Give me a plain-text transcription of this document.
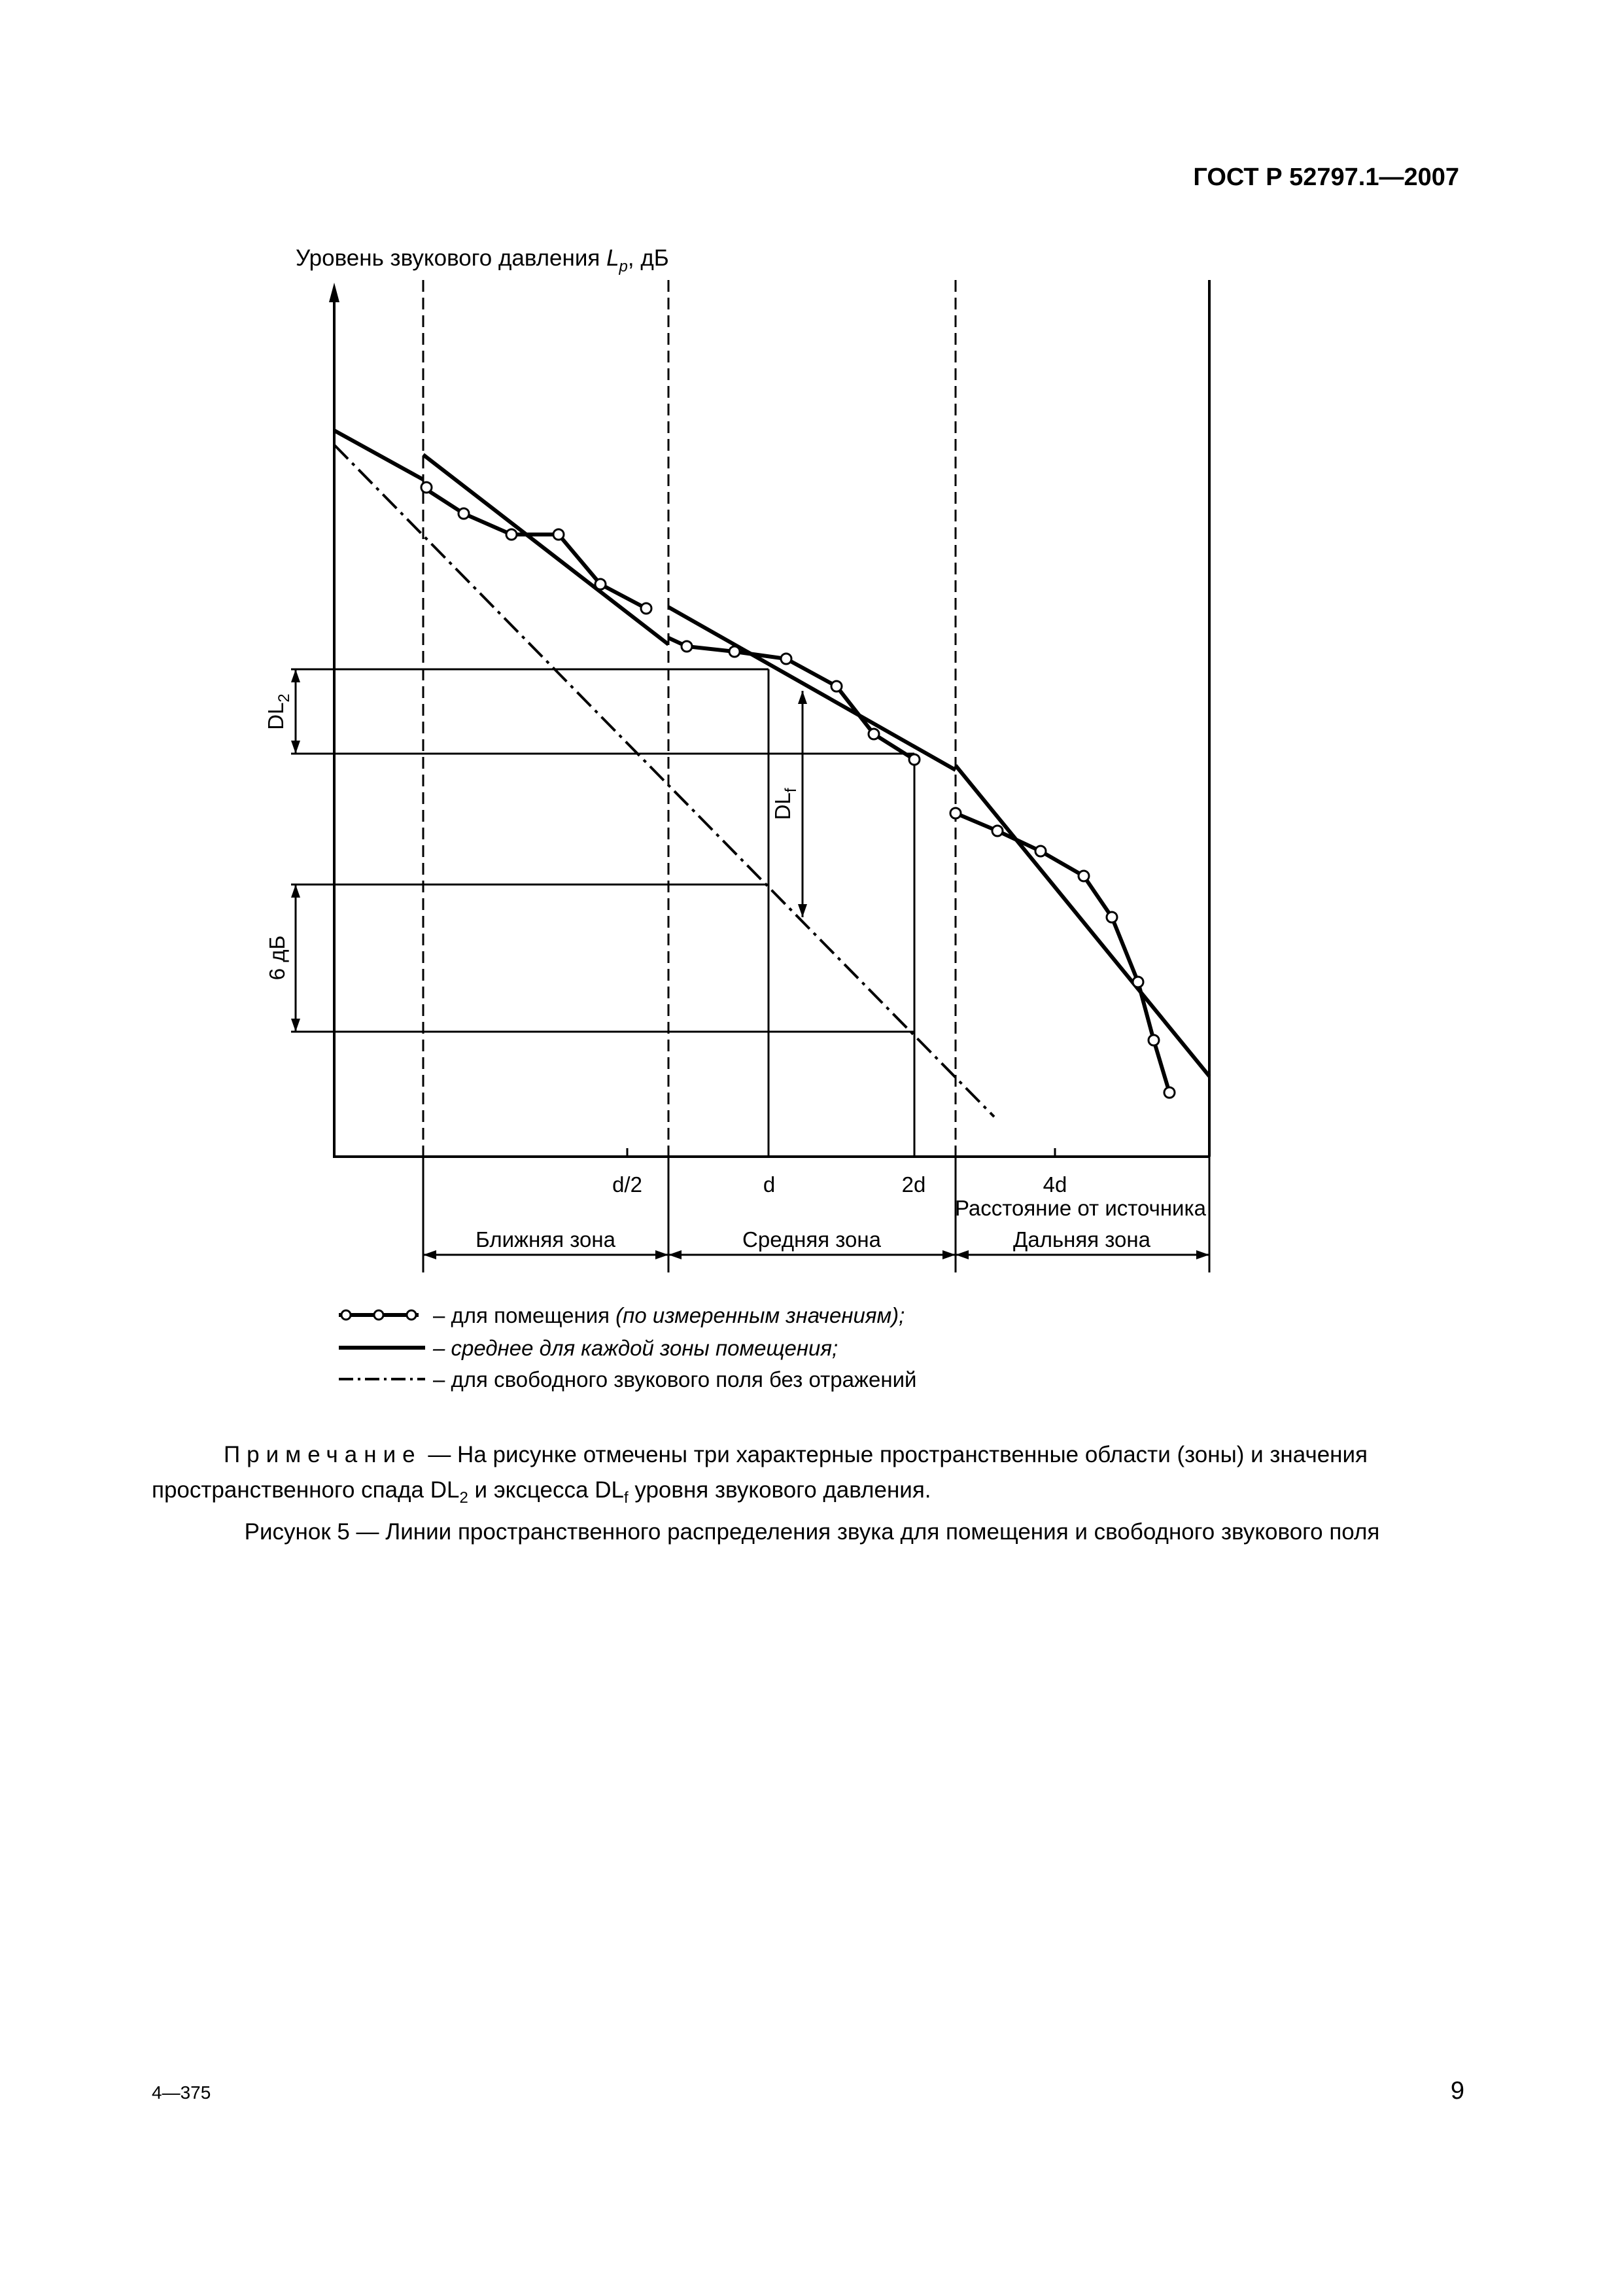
ГОСТ Р 52797.1—2007
Уровень звукового давления $L_p$, дБ
d/2	d	2d	4d
Расстояние от источника
Ближняя зона	Средняя зона	Дальняя зона
$DL_2$
6 дБ
$DL_f$
– для помещения (по измеренным значениям);
– среднее для каждой зоны помещения;
– для свободного звукового поля без отражений

Примечание — На рисунке отмечены три характерные пространственные области (зоны) и значения пространственного спада $DL_2$ и эксцесса $DL_f$ уровня звукового давления.

Рисунок 5 — Линии пространственного распределения звука для помещения и свободного звукового поля
4—375	9
